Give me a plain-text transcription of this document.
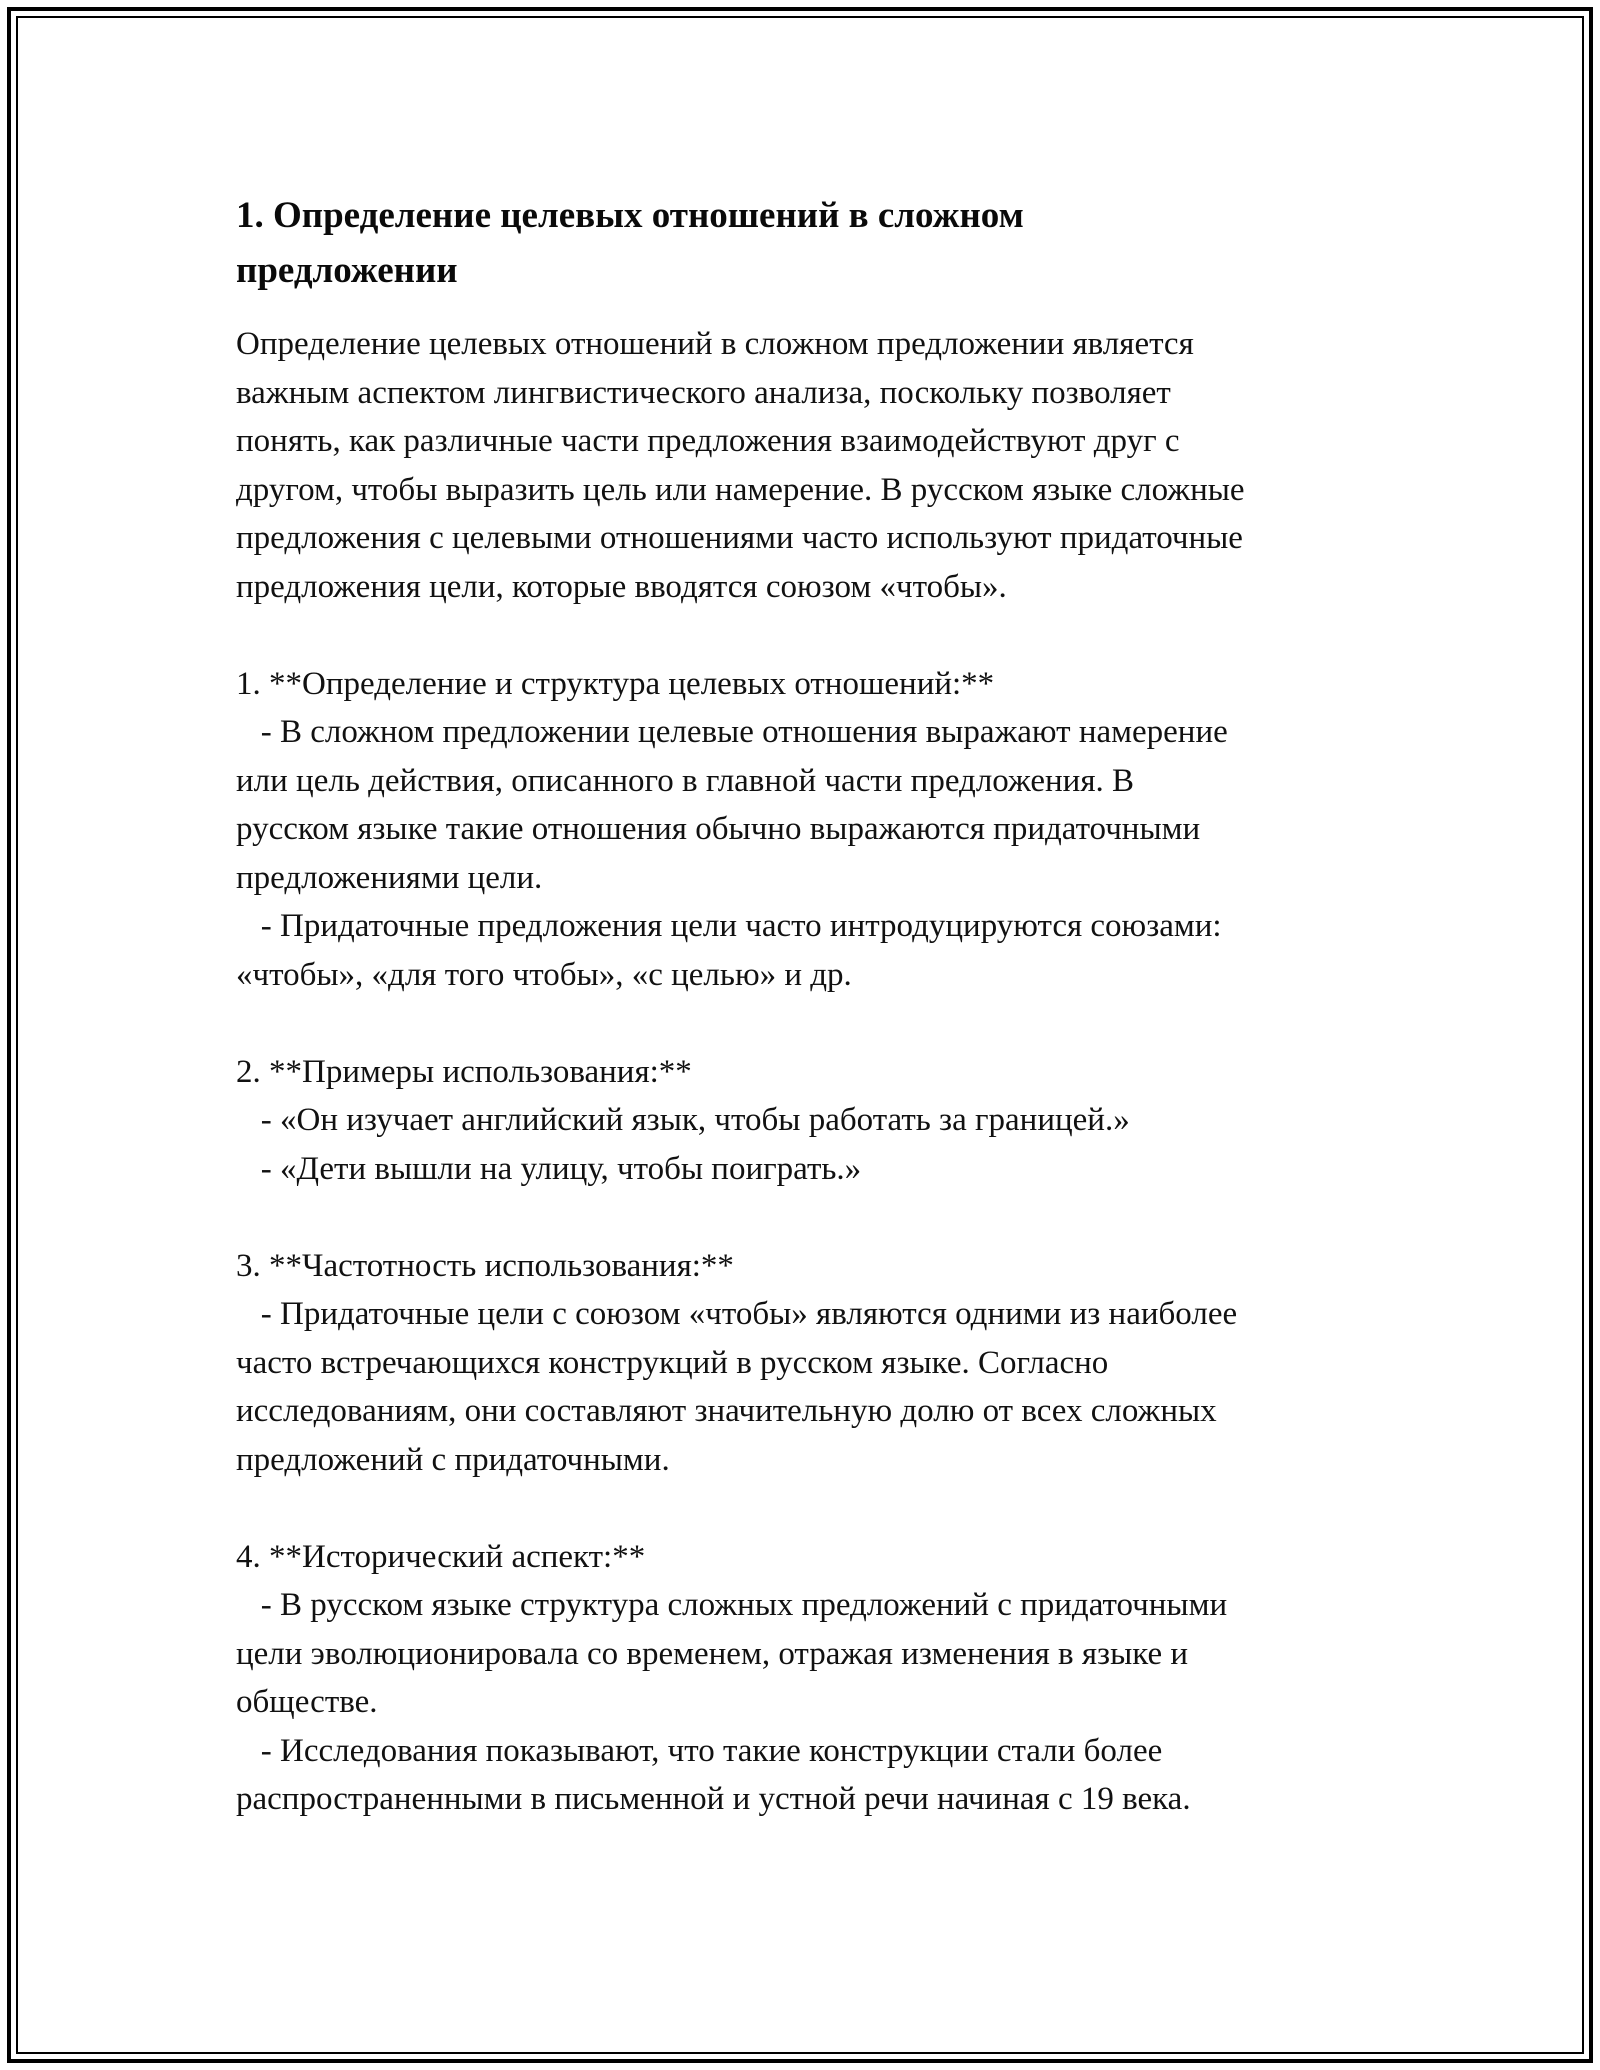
1. Определение целевых отношений в сложном
предложении
Определение целевых отношений в сложном предложении является
важным аспектом лингвистического анализа, поскольку позволяет
понять, как различные части предложения взаимодействуют друг с
другом, чтобы выразить цель или намерение. В русском языке сложные
предложения с целевыми отношениями часто используют придаточные
предложения цели, которые вводятся союзом «чтобы».
1. **Определение и структура целевых отношений:**
- В сложном предложении целевые отношения выражают намерение
или цель действия, описанного в главной части предложения. В
русском языке такие отношения обычно выражаются придаточными
предложениями цели.
- Придаточные предложения цели часто интродуцируются союзами:
«чтобы», «для того чтобы», «с целью» и др.
2. **Примеры использования:**
- «Он изучает английский язык, чтобы работать за границей.»
- «Дети вышли на улицу, чтобы поиграть.»
3. **Частотность использования:**
- Придаточные цели с союзом «чтобы» являются одними из наиболее
часто встречающихся конструкций в русском языке. Согласно
исследованиям, они составляют значительную долю от всех сложных
предложений с придаточными.
4. **Исторический аспект:**
- В русском языке структура сложных предложений с придаточными
цели эволюционировала со временем, отражая изменения в языке и
обществе.
- Исследования показывают, что такие конструкции стали более
распространенными в письменной и устной речи начиная с 19 века.
